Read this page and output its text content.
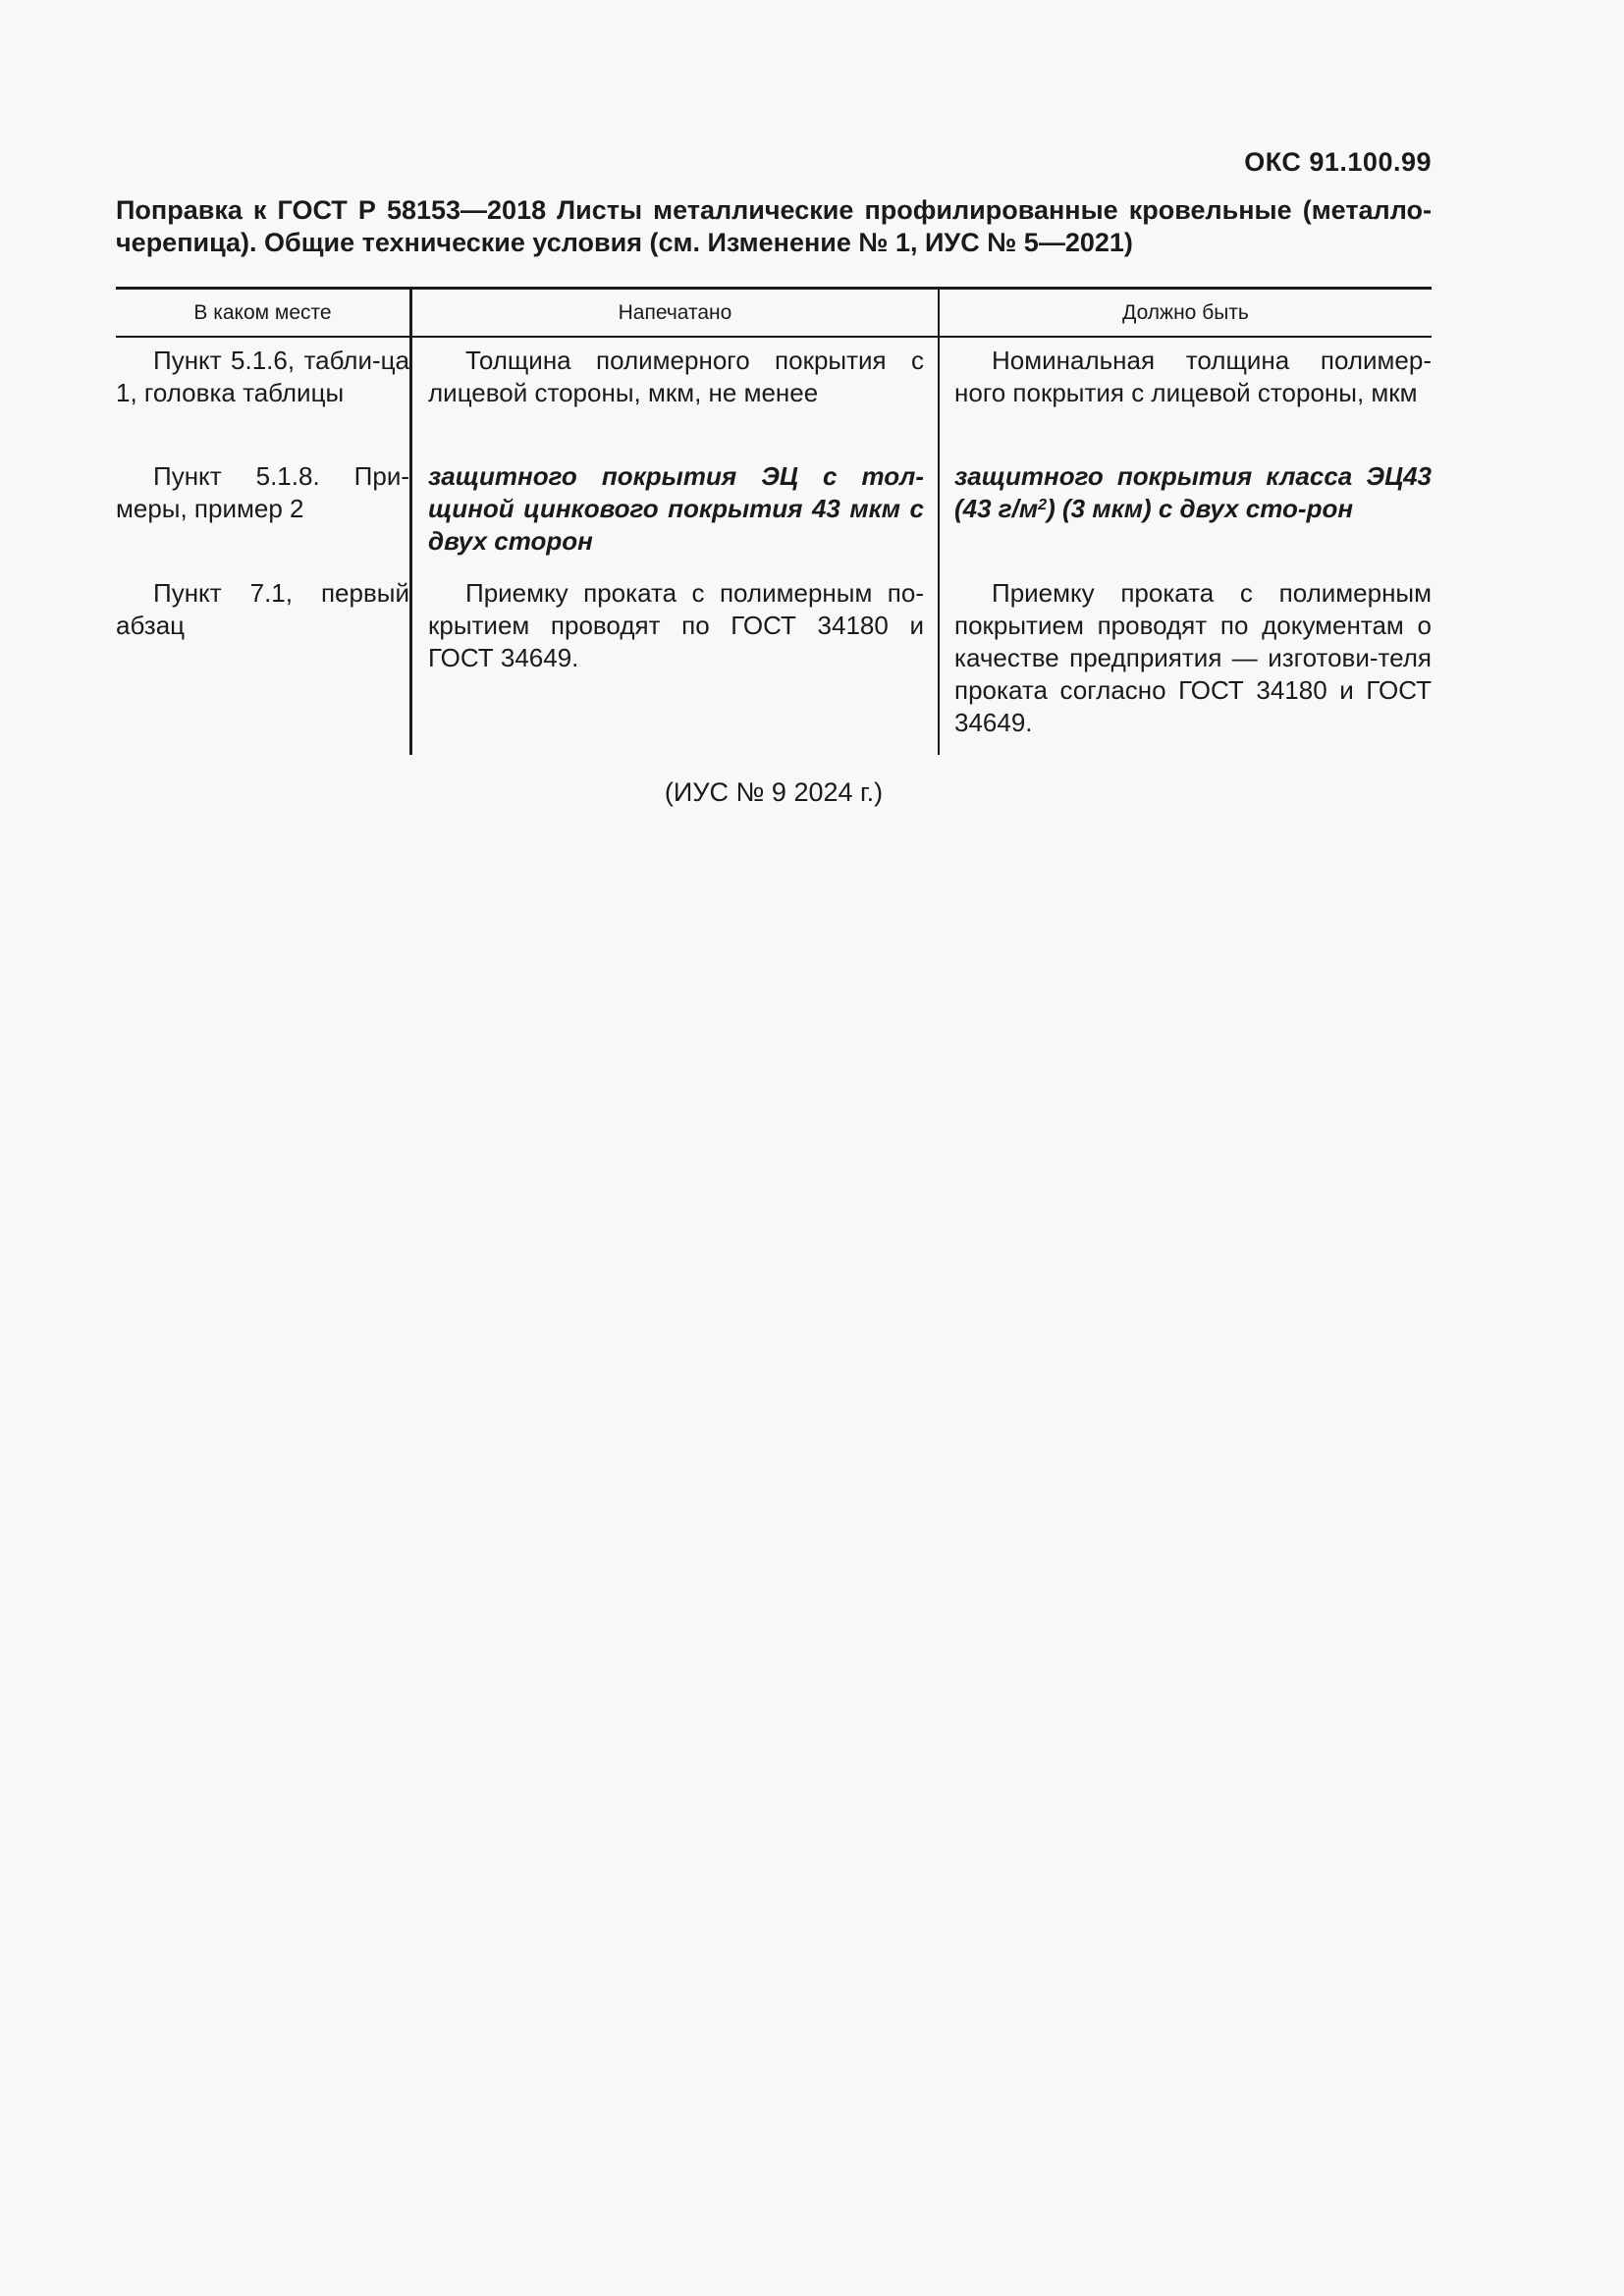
ОКС 91.100.99
Поправка к ГОСТ Р 58153—2018 Листы металлические профилированные кровельные (металло-черепица). Общие технические условия (см. Изменение № 1, ИУС № 5—2021)
В каком месте	Напечатано	Должно быть
Пункт 5.1.6, табли-ца 1, головка таблицы
Пункт 5.1.8. При-меры, пример 2
Пункт 7.1, первый абзац
Толщина полимерного покрытия с лицевой стороны, мкм, не менее
защитного покрытия ЭЦ с тол-щиной цинкового покрытия 43 мкм с двух сторон
Приемку проката с полимерным по-крытием проводят по ГОСТ 34180 и ГОСТ 34649.
Номинальная толщина полимер-ного покрытия с лицевой стороны, мкм
защитного покрытия класса ЭЦ43 (43 $г/м^2$) (3 мкм) с двух сто-рон
Приемку проката с полимерным покрытием проводят по документам о качестве предприятия — изготови-теля проката согласно ГОСТ 34180 и ГОСТ 34649.
(ИУС № 9 2024 г.)
